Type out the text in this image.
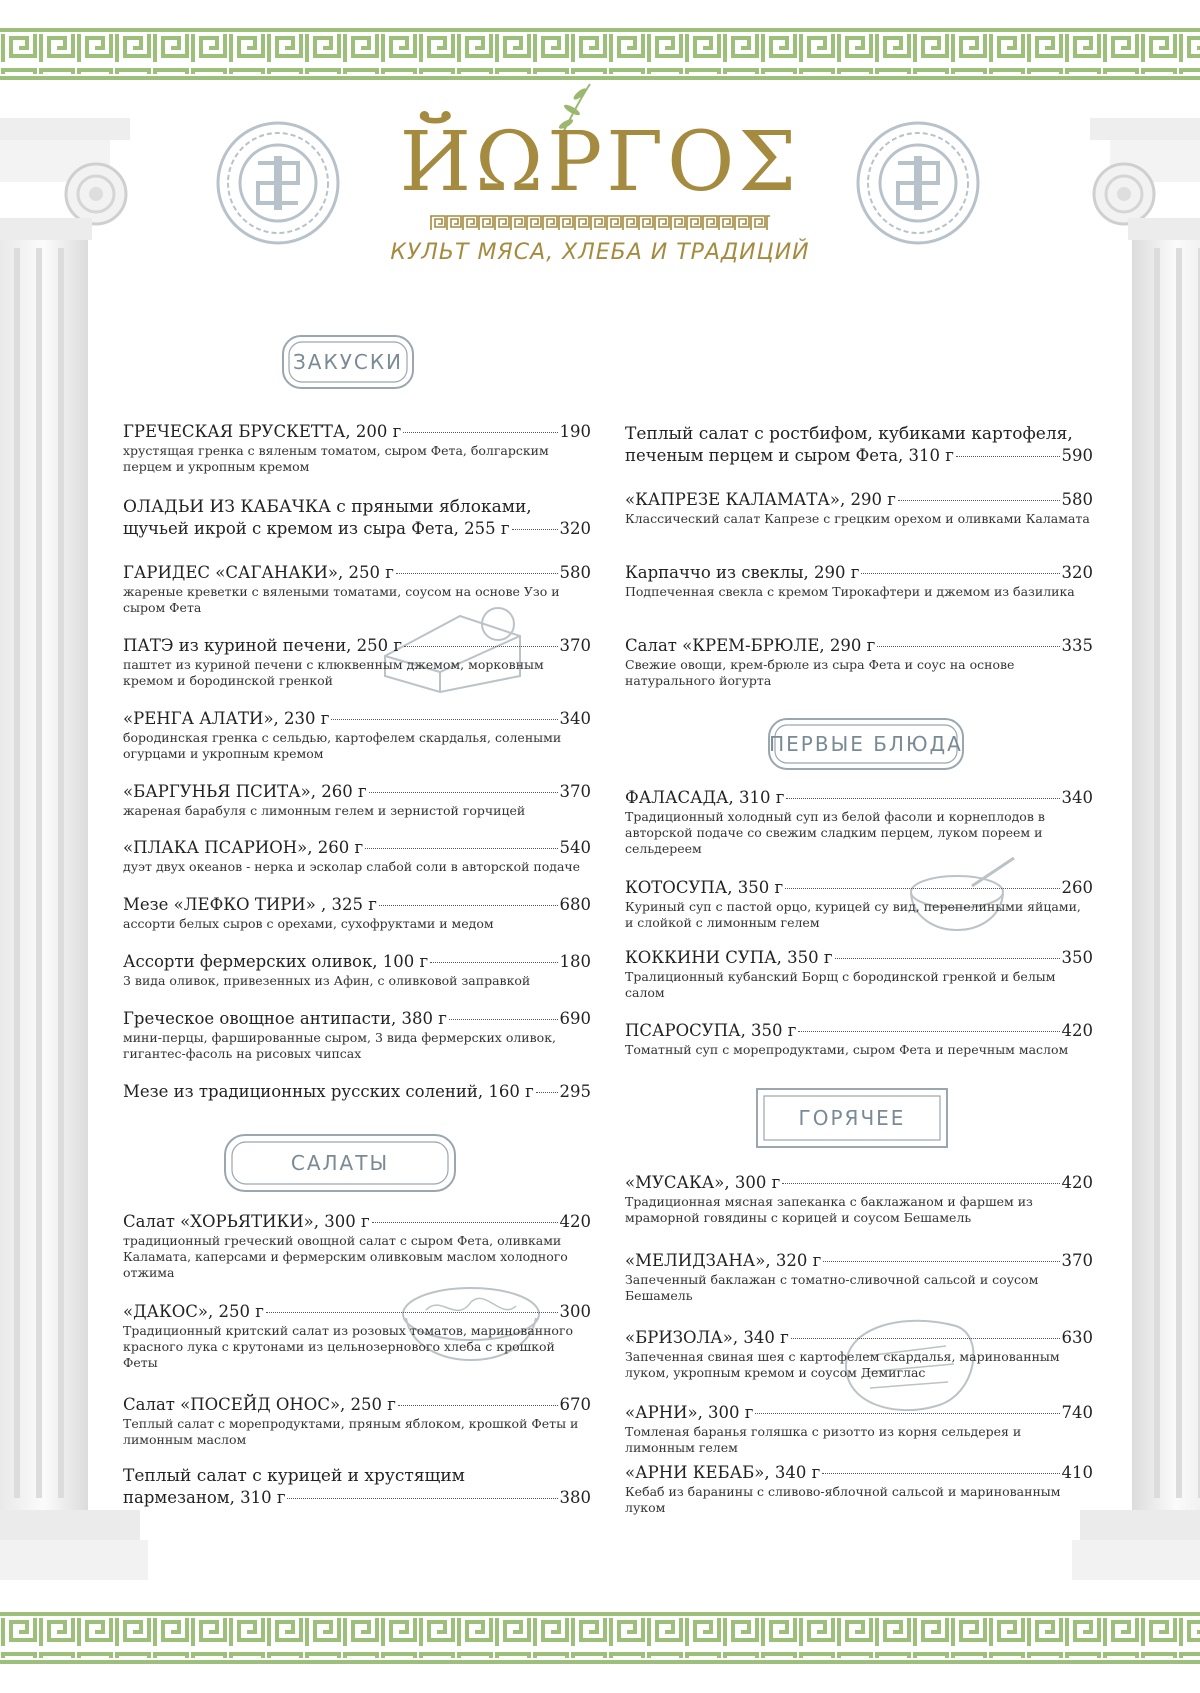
ЙΩΡΓΟΣ
КУЛЬТ МЯСА, ХЛЕБА И ТРАДИЦИЙ
ЗАКУСКИ
САЛАТЫ
ПЕРВЫЕ БЛЮДА
ГОРЯЧЕЕ
ГРЕЧЕСКАЯ БРУСКЕТТА, 200 г	190
хрустящая гренка с вяленым томатом, сыром Фета, болгарским перцем и укропным кремом
ОЛАДЬИ ИЗ КАБАЧКА с пряными яблоками,
щучьей икрой с кремом из сыра Фета, 255 г	320
ГАРИДЕС «САГАНАКИ», 250 г	580
жареные креветки с вялеными томатами, соусом на основе Узо и сыром Фета
ПАТЭ из куриной печени, 250 г	370
паштет из куриной печени с клюквенным джемом, морковным кремом и бородинской гренкой
«РЕНГА АЛАТИ», 230 г	340
бородинская гренка с сельдью, картофелем скардалья, солеными огурцами и укропным кремом
«БАРГУНЬЯ ПСИТА», 260 г	370
жареная барабуля с лимонным гелем и зернистой горчицей
«ПЛАКА ПСАРИОН», 260 г	540
дуэт двух океанов - нерка и эсколар слабой соли в авторской подаче
Мезе «ЛЕФКО ТИРИ» , 325 г	680
ассорти белых сыров с орехами, сухофруктами и медом
Ассорти фермерских оливок, 100 г	180
3 вида оливок, привезенных из Афин, с оливковой заправкой
Греческое овощное антипасти, 380 г	690
мини-перцы, фаршированные сыром, 3 вида фермерских оливок, гигантес-фасоль на рисовых чипсах
Мезе из традиционных русских солений, 160 г 295
Салат «ХОРЬЯТИКИ», 300 г	420
традиционный греческий овощной салат с сыром Фета, оливками Каламата, каперсами и фермерским оливковым маслом холодного отжима
«ДАКОС», 250 г	300
Традиционный критский салат из розовых томатов, маринованного красного лука с крутонами из цельнозернового хлеба с крошкой Феты
Салат «ПОСЕЙД ОНОС», 250 г	670
Теплый салат с морепродуктами, пряным яблоком, крошкой Феты и лимонным маслом
Теплый салат с курицей и хрустящим
пармезаном, 310 г	380
Теплый салат с ростбифом, кубиками картофеля,
печеным перцем и сыром Фета, 310 г	590
«КАПРЕЗЕ КАЛАМАТА», 290 г	580
Классический салат Капрезе с грецким орехом и оливками Каламата
Карпаччо из свеклы, 290 г	320
Подпеченная свекла с кремом Тирокафтери и джемом из базилика
Салат «КРЕМ-БРЮЛЕ, 290 г	335
Свежие овощи, крем-брюле из сыра Фета и соус на основе натурального йогурта
ФАЛАСАДА, 310 г	340
Традиционный холодный суп из белой фасоли и корнеплодов в авторской подаче со свежим сладким перцем, луком пореем и сельдереем
КОТОСУПА, 350 г	260
Куриный суп с пастой орцо, курицей су вид, перепелиными яйцами, и слойкой с лимонным гелем
КОККИНИ СУПА, 350 г	350
Тралиционный кубанский Борщ с бородинской гренкой и белым салом
ПСАРОСУПА, 350 г	420
Томатный суп с морепродуктами, сыром Фета и перечным маслом
«МУСАКА», 300 г	420
Традиционная мясная запеканка с баклажаном и фаршем из мраморной говядины с корицей и соусом Бешамель
«МЕЛИДЗАНА», 320 г	370
Запеченный баклажан с томатно-сливочной сальсой и соусом Бешамель
«БРИЗОЛА», 340 г	630
Запеченная свиная шея с картофелем скардалья, маринованным луком, укропным кремом и соусом Демиглас
«АРНИ», 300 г	740
Томленая баранья голяшка с ризотто из корня сельдерея и лимонным гелем
«АРНИ КЕБАБ», 340 г	410
Кебаб из баранины с сливово-яблочной сальсой и маринованным луком
